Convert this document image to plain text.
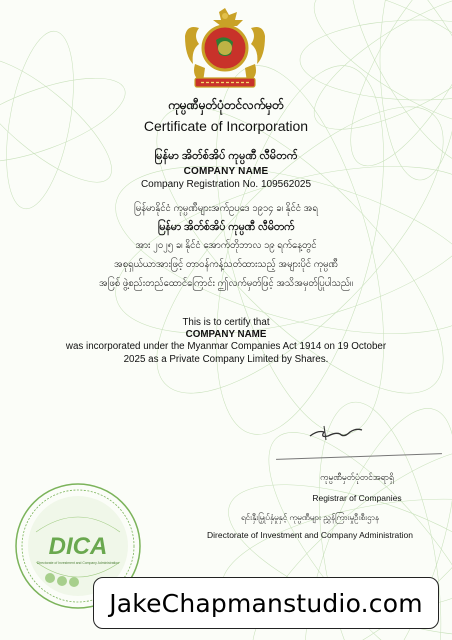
ကုမ္ပဏီမှတ်ပုံတင်လက်မှတ်
Certificate of Incorporation
မြန်မာ အိတ်စ်အိပ် ကုမ္ပဏီ လီမိတက်
COMPANY NAME
Company Registration No. 109562025
မြန်မာနိုင်ငံ ကုမ္ပဏီများအက်ဥပဒေ ၁၉၁၄ ခ၊ နိုင်ငံ အရ
မြန်မာ အိတ်စ်အိပ် ကုမ္ပဏီ လီမိတက်
အား ၂၀၂၅ ခ၊ နိုင်ငံ အောက်တိုဘာလ ၁၉ ရက်နေ့တွင်
အစုရှယ်ယာအားဖြင့် တာဝန်ကန့်သတ်ထားသည့် အများပိုင် ကုမ္ပဏီ
အဖြစ် ဖွဲ့စည်းတည်ထောင်ကြောင်း ဤလက်မှတ်ဖြင့် အသိအမှတ်ပြုပါသည်။
This is to certify that
COMPANY NAME
was incorporated under the Myanmar Companies Act 1914 on 19 October
2025 as a Private Company Limited by Shares.
ကုမ္ပဏီမှတ်ပုံတင်အရာရှိ
Registrar of Companies
ရင်းနှီးမြှုပ်နှံမှုနှင့် ကုမ္ပဏီများ ညွှန်ကြားမှုဦးစီးဌာန
Directorate of Investment and Company Administration
DICA
Directorate of Investment and Company Administration
JakeChapmanstudio.com
